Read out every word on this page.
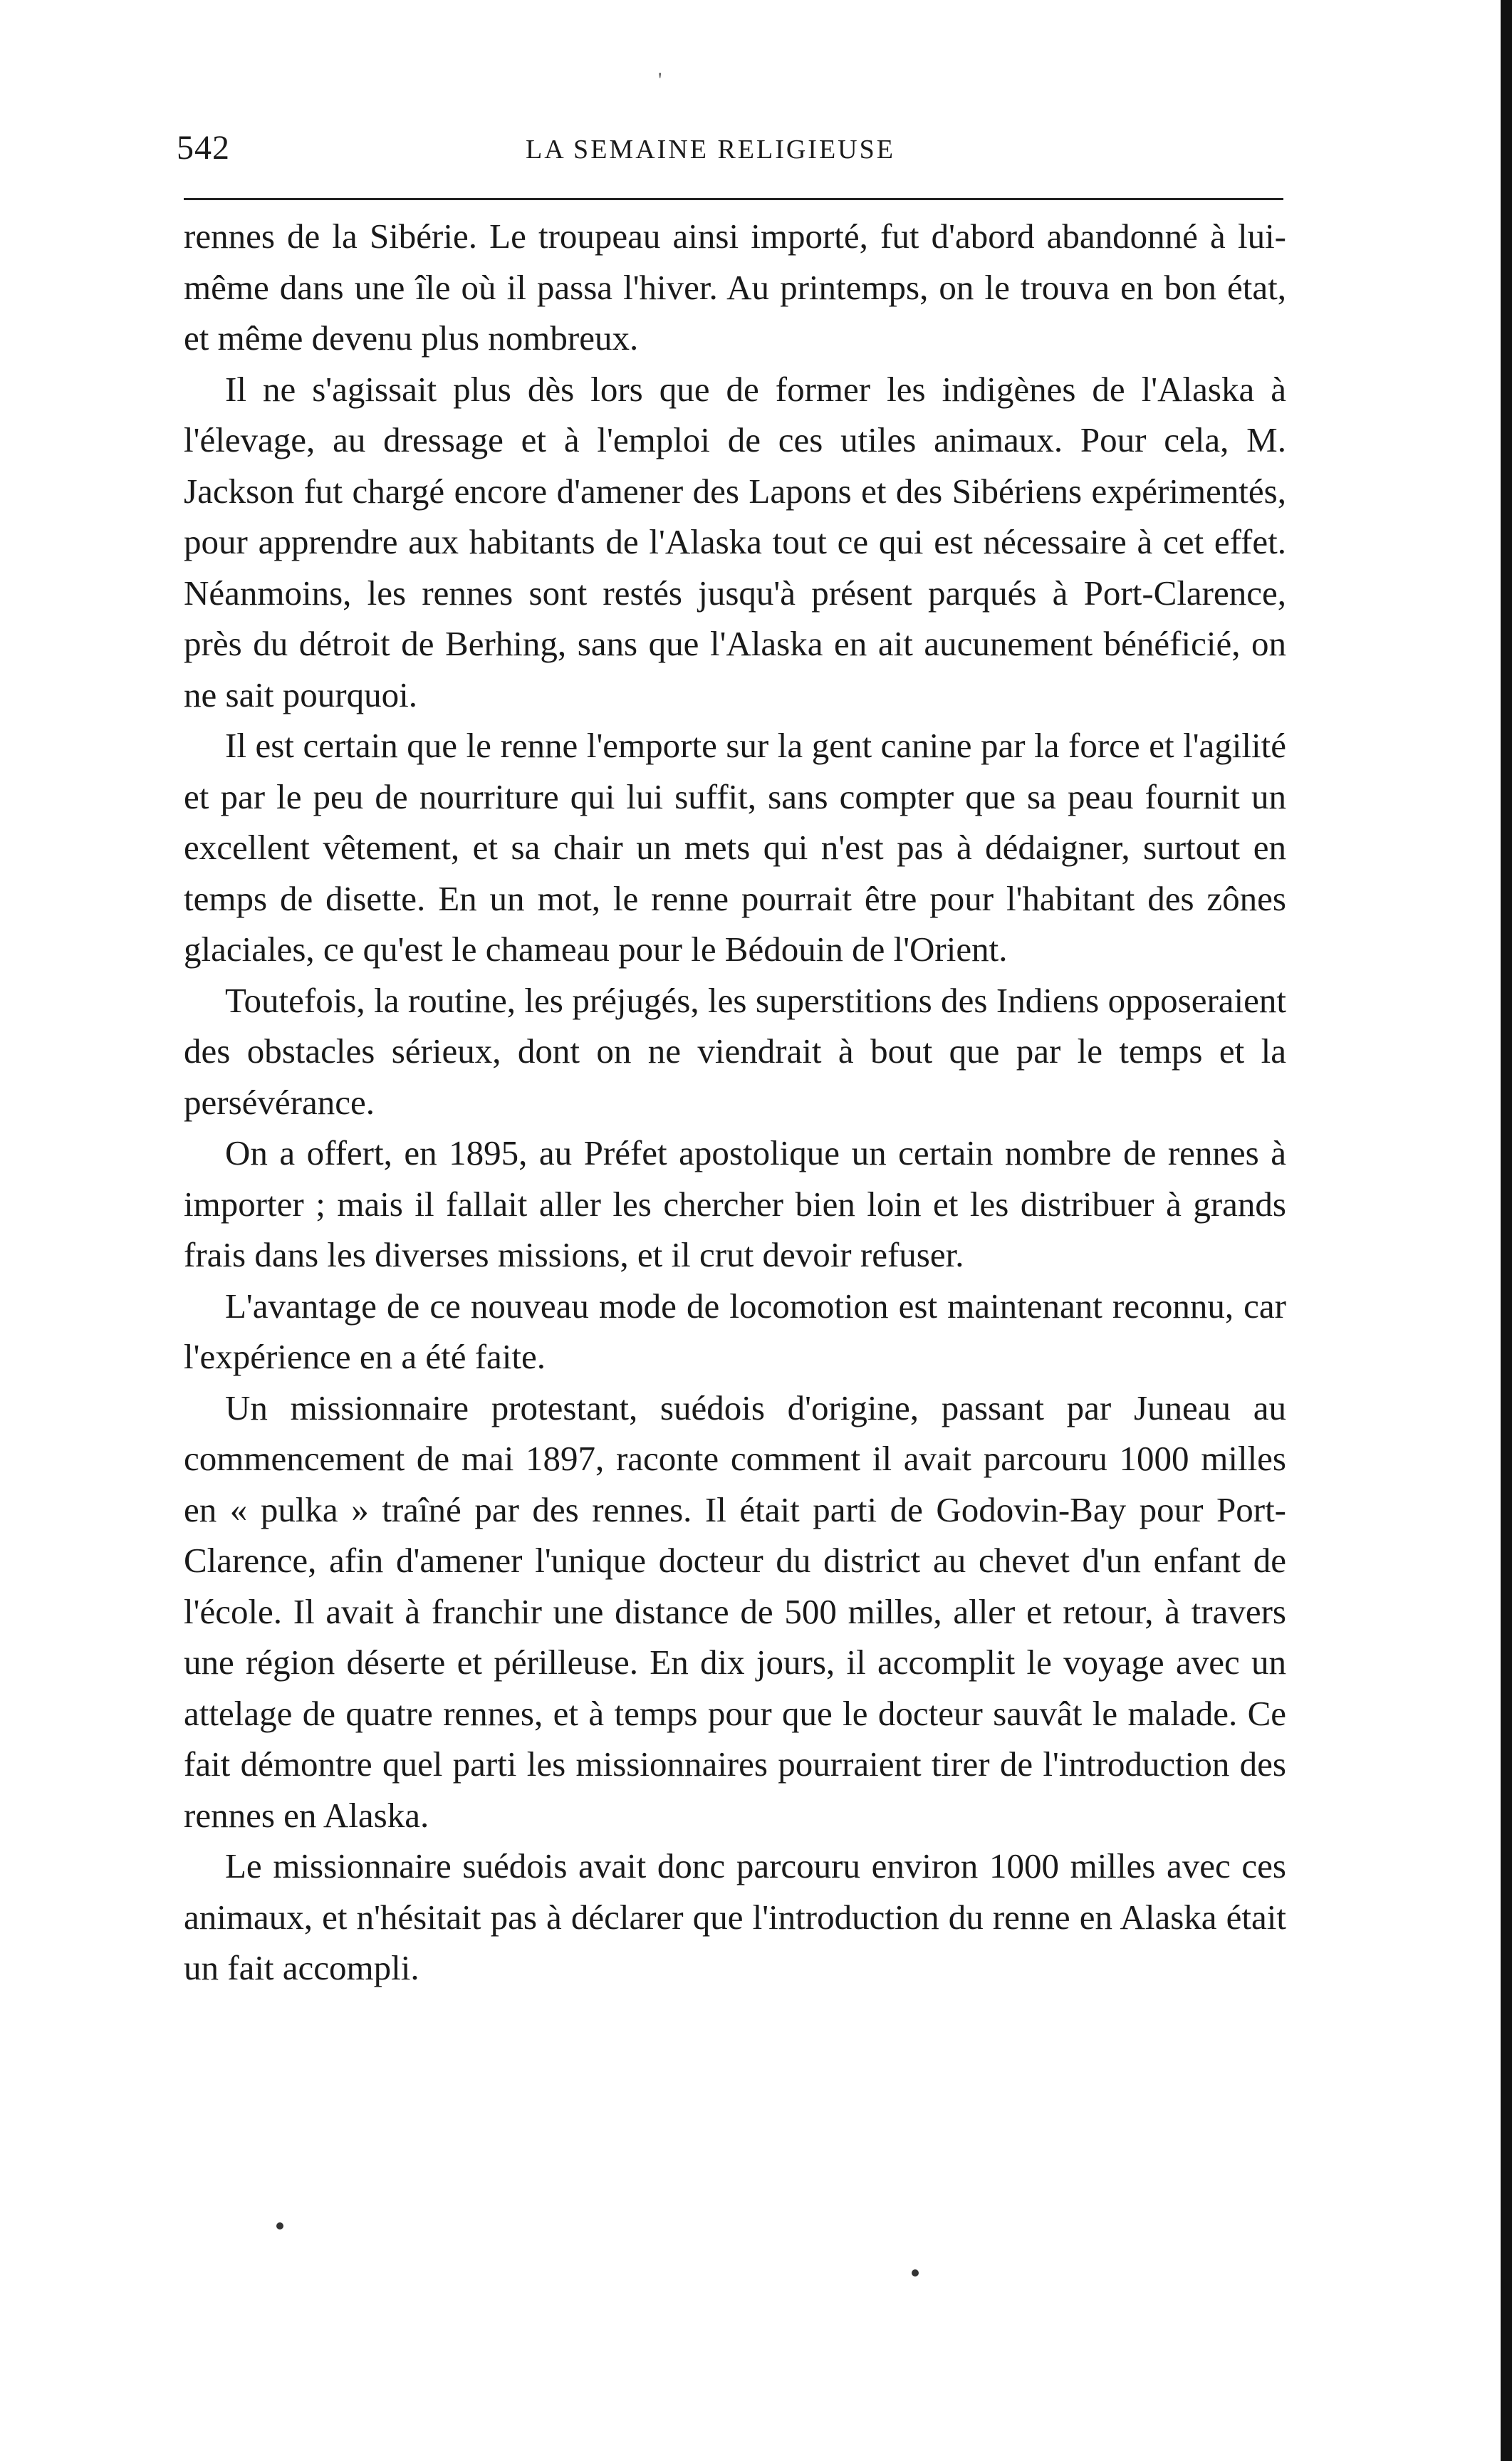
'
542	LA SEMAINE RELIGIEUSE

rennes de la Sibérie. Le troupeau ainsi importé, fut d'abord abandonné à lui-même dans une île où il passa l'hiver. Au printemps, on le trouva en bon état, et même devenu plus nombreux.

Il ne s'agissait plus dès lors que de former les indigènes de l'Alaska à l'élevage, au dressage et à l'emploi de ces utiles animaux. Pour cela, M. Jackson fut chargé encore d'amener des Lapons et des Sibériens expérimentés, pour apprendre aux habitants de l'Alaska tout ce qui est nécessaire à cet effet. Néanmoins, les rennes sont restés jusqu'à présent parqués à Port-Clarence, près du détroit de Berhing, sans que l'Alaska en ait aucunement bénéficié, on ne sait pourquoi.

Il est certain que le renne l'emporte sur la gent canine par la force et l'agilité et par le peu de nourriture qui lui suffit, sans compter que sa peau fournit un excellent vêtement, et sa chair un mets qui n'est pas à dédaigner, surtout en temps de disette. En un mot, le renne pourrait être pour l'habitant des zônes glaciales, ce qu'est le chameau pour le Bédouin de l'Orient.

Toutefois, la routine, les préjugés, les superstitions des Indiens opposeraient des obstacles sérieux, dont on ne viendrait à bout que par le temps et la persévérance.

On a offert, en 1895, au Préfet apostolique un certain nombre de rennes à importer ; mais il fallait aller les chercher bien loin et les distribuer à grands frais dans les diverses missions, et il crut devoir refuser.

L'avantage de ce nouveau mode de locomotion est maintenant reconnu, car l'expérience en a été faite.

Un missionnaire protestant, suédois d'origine, passant par Juneau au commencement de mai 1897, raconte comment il avait parcouru 1000 milles en « pulka » traîné par des rennes. Il était parti de Godovin-Bay pour Port-Clarence, afin d'amener l'unique docteur du district au chevet d'un enfant de l'école. Il avait à franchir une distance de 500 milles, aller et retour, à travers une région déserte et périlleuse. En dix jours, il accomplit le voyage avec un attelage de quatre rennes, et à temps pour que le docteur sauvât le malade. Ce fait démontre quel parti les missionnaires pourraient tirer de l'introduction des rennes en Alaska.

Le missionnaire suédois avait donc parcouru environ 1000 milles avec ces animaux, et n'hésitait pas à déclarer que l'introduction du renne en Alaska était un fait accompli.
